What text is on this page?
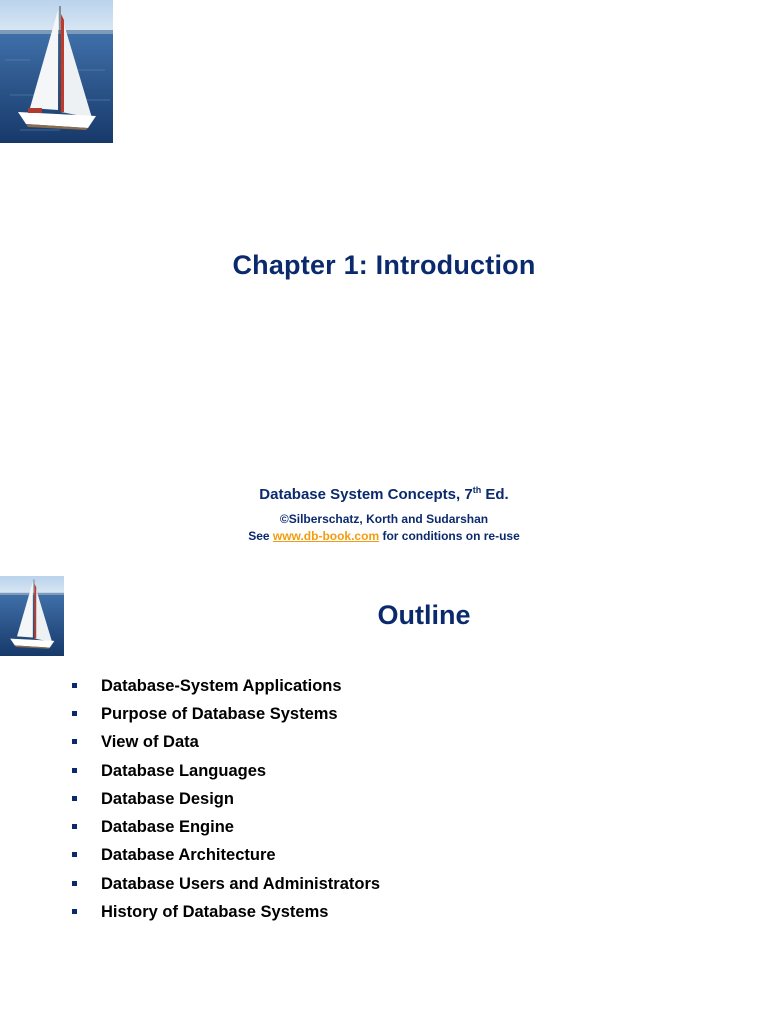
Chapter 1: Introduction
Database System Concepts, 7th Ed.
©Silberschatz, Korth and Sudarshan
See www.db-book.com for conditions on re-use
Outline
Database-System Applications
Purpose of Database Systems
View of Data
Database Languages
Database Design
Database Engine
Database Architecture
Database Users and Administrators
History of Database Systems
